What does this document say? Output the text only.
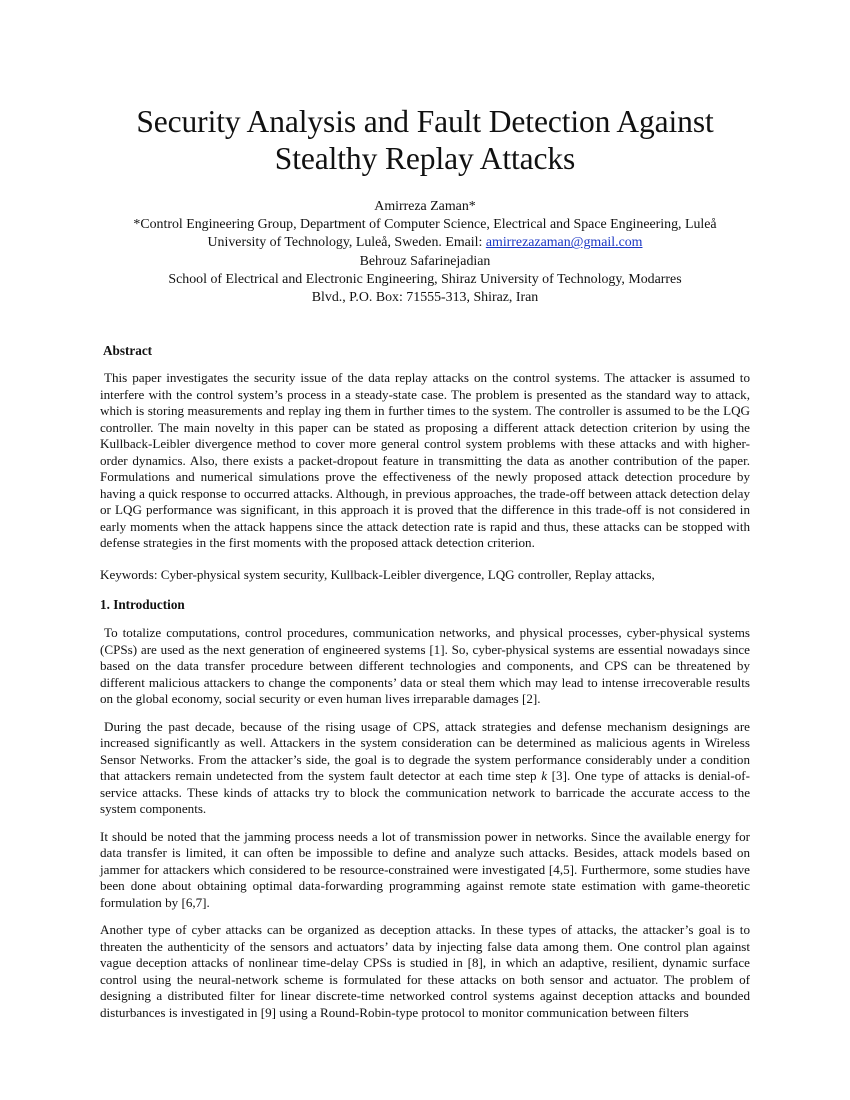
Security Analysis and Fault Detection Against
Stealthy Replay Attacks
Amirreza Zaman*
*Control Engineering Group, Department of Computer Science, Electrical and Space Engineering, Luleå
University of Technology, Luleå, Sweden. Email: amirrezazaman@gmail.com
Behrouz Safarinejadian
School of Electrical and Electronic Engineering, Shiraz University of Technology, Modarres
Blvd., P.O. Box: 71555-313, Shiraz, Iran
Abstract

This paper investigates the security issue of the data replay attacks on the control systems. The attacker is assumed to interfere with the control system’s process in a steady-state case. The problem is presented as the standard way to attack, which is storing measurements and replay ing them in further times to the system. The controller is assumed to be the LQG controller. The main novelty in this paper can be stated as proposing a different attack detection criterion by using the Kullback-Leibler divergence method to cover more general control system problems with these attacks and with higher-order dynamics. Also, there exists a packet-dropout feature in transmitting the data as another contribution of the paper. Formulations and numerical simulations prove the effectiveness of the newly proposed attack detection procedure by having a quick response to occurred attacks. Although, in previous approaches, the trade-off between attack detection delay or LQG performance was significant, in this approach it is proved that the difference in this trade-off is not considered in early moments when the attack happens since the attack detection rate is rapid and thus, these attacks can be stopped with defense strategies in the first moments with the proposed attack detection criterion.

Keywords: Cyber-physical system security, Kullback-Leibler divergence, LQG controller, Replay attacks,

1. Introduction

To totalize computations, control procedures, communication networks, and physical processes, cyber-physical systems (CPSs) are used as the next generation of engineered systems [1]. So, cyber-physical systems are essential nowadays since based on the data transfer procedure between different technologies and components, and CPS can be threatened by different malicious attackers to change the components’ data or steal them which may lead to intense irrecoverable results on the global economy, social security or even human lives irreparable damages [2].

During the past decade, because of the rising usage of CPS, attack strategies and defense mechanism designings are increased significantly as well. Attackers in the system consideration can be determined as malicious agents in Wireless Sensor Networks. From the attacker’s side, the goal is to degrade the system performance considerably under a condition that attackers remain undetected from the system fault detector at each time step k [3]. One type of attacks is denial-of-service attacks. These kinds of attacks try to block the communication network to barricade the accurate access to the system components.

It should be noted that the jamming process needs a lot of transmission power in networks. Since the available energy for data transfer is limited, it can often be impossible to define and analyze such attacks. Besides, attack models based on jammer for attackers which considered to be resource-constrained were investigated [4,5]. Furthermore, some studies have been done about obtaining optimal data-forwarding programming against remote state estimation with game-theoretic formulation by [6,7].

Another type of cyber attacks can be organized as deception attacks. In these types of attacks, the attacker’s goal is to threaten the authenticity of the sensors and actuators’ data by injecting false data among them. One control plan against vague deception attacks of nonlinear time-delay CPSs is studied in [8], in which an adaptive, resilient, dynamic surface control using the neural-network scheme is formulated for these attacks on both sensor and actuator. The problem of designing a distributed filter for linear discrete-time networked control systems against deception attacks and bounded disturbances is investigated in [9] using a Round-Robin-type protocol to monitor communication between filters
